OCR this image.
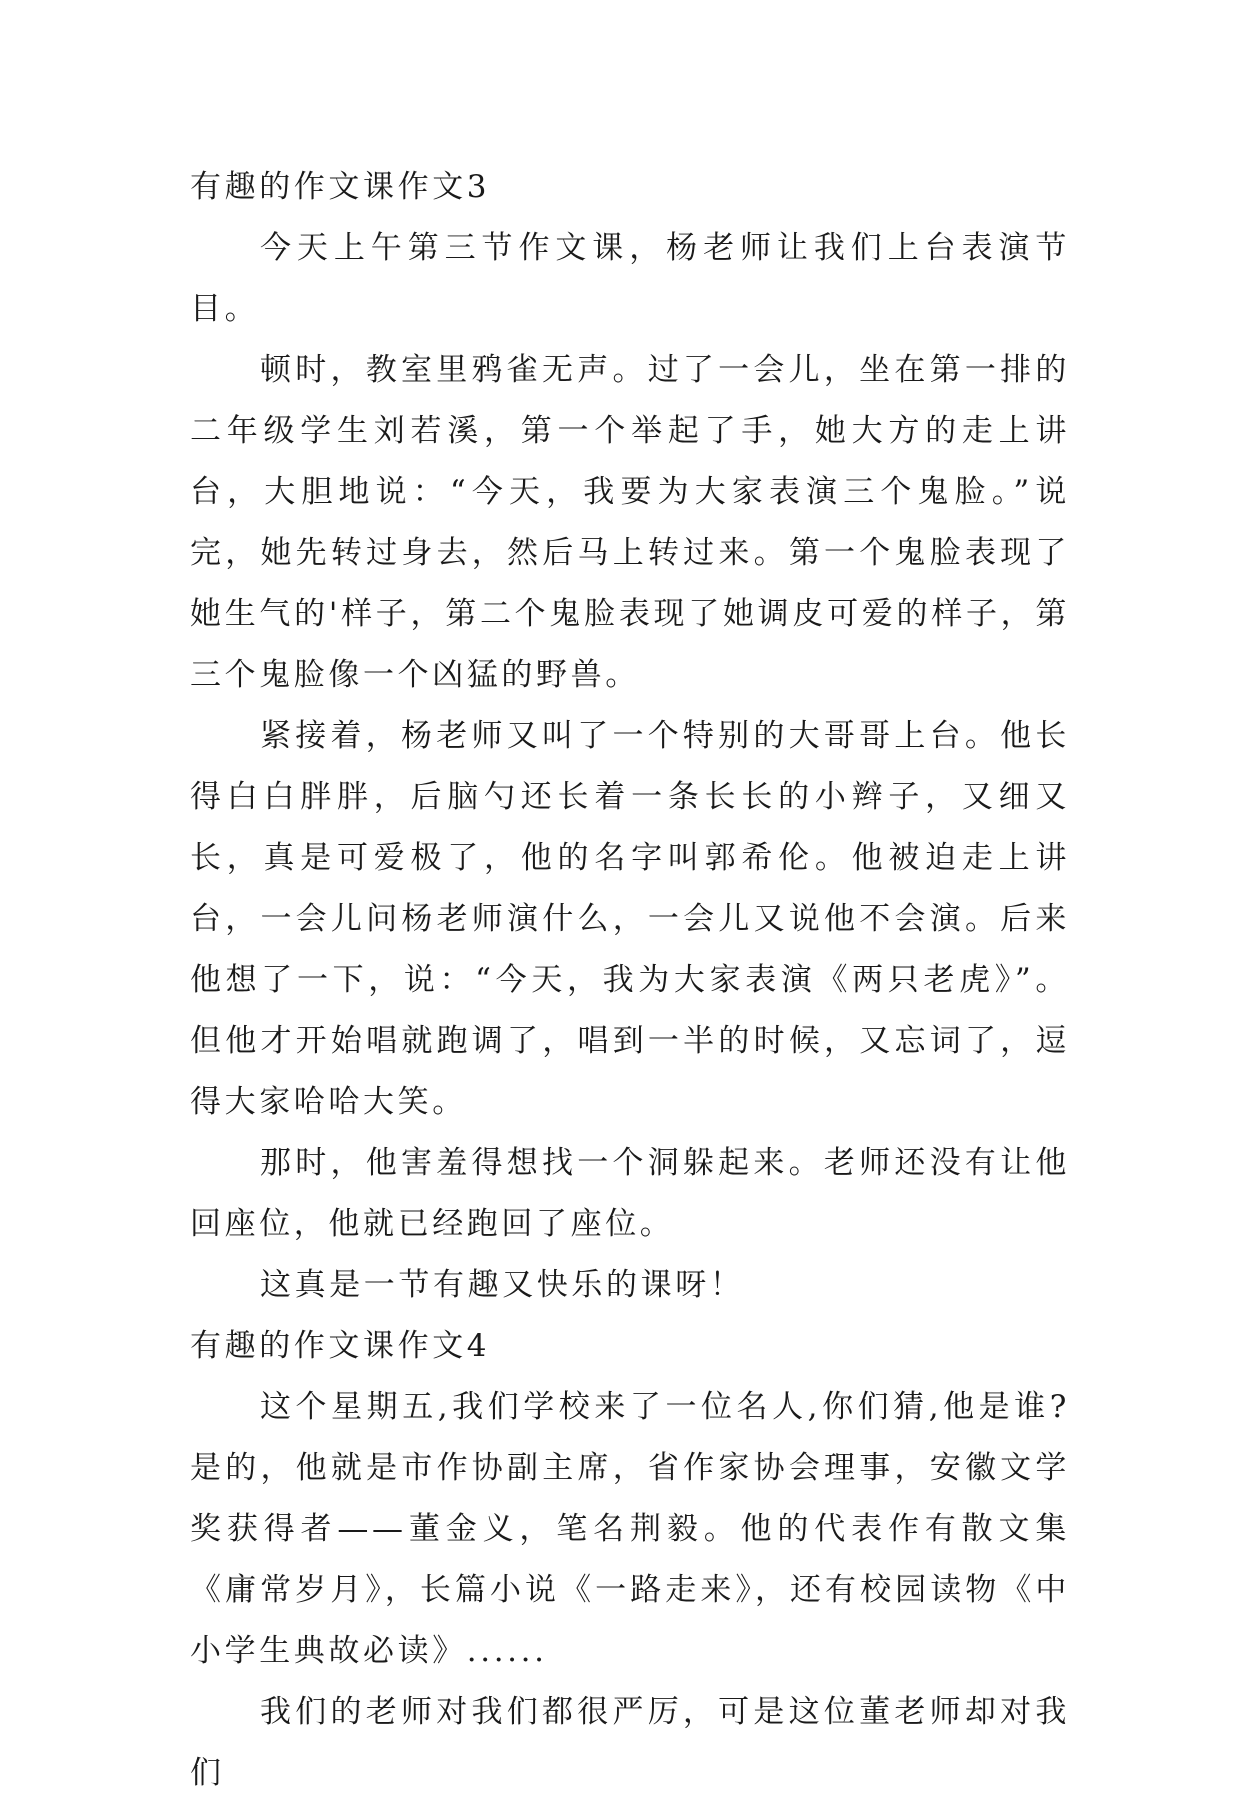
有趣的作文课作文3

今天上午第三节作文课，杨老师让我们上台表演节目。

顿时，教室里鸦雀无声。过了一会儿，坐在第一排的二年级学生刘若溪，第一个举起了手，她大方的走上讲台，大胆地说：“今天，我要为大家表演三个鬼脸。”说完，她先转过身去，然后马上转过来。第一个鬼脸表现了她生气的'样子，第二个鬼脸表现了她调皮可爱的样子，第三个鬼脸像一个凶猛的野兽。

紧接着，杨老师又叫了一个特别的大哥哥上台。他长得白白胖胖，后脑勺还长着一条长长的小辫子，又细又长，真是可爱极了，他的名字叫郭希伦。他被迫走上讲台，一会儿问杨老师演什么，一会儿又说他不会演。后来他想了一下，说：“今天，我为大家表演《两只老虎》”。但他才开始唱就跑调了，唱到一半的时候，又忘词了，逗得大家哈哈大笑。

那时，他害羞得想找一个洞躲起来。老师还没有让他回座位，他就已经跑回了座位。

这真是一节有趣又快乐的课呀！

有趣的作文课作文4

这个星期五,我们学校来了一位名人,你们猜,他是谁?是的，他就是市作协副主席，省作家协会理事，安徽文学奖获得者——董金义，笔名荆毅。他的代表作有散文集《庸常岁月》，长篇小说《一路走来》，还有校园读物《中小学生典故必读》......

我们的老师对我们都很严厉，可是这位董老师却对我们
